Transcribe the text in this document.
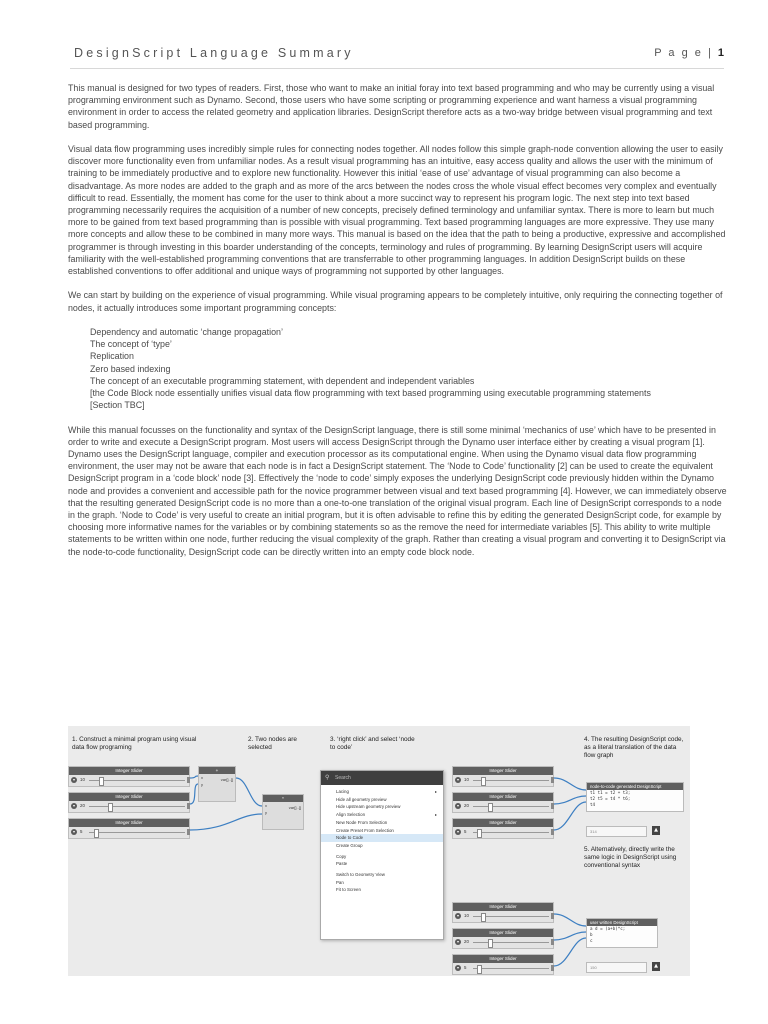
DesignScript Language Summary	P a g e | 1

This manual is designed for two types of readers. First, those who want to make an initial foray into text based programming and who may be currently using a visual programming environment such as Dynamo. Second, those users who have some scripting or programming experience and want harness a visual programming environment in order to access the related geometry and application libraries. DesignScript therefore acts as a two-way bridge between visual programming and text based programming.

Visual data flow programming uses incredibly simple rules for connecting nodes together. All nodes follow this simple graph-node convention allowing the user to easily discover more functionality even from unfamiliar nodes. As a result visual programming has an intuitive, easy access quality and allows the user with the minimum of training to be immediately productive and to explore new functionality. However this initial ‘ease of use’ advantage of visual programming can also become a disadvantage. As more nodes are added to the graph and as more of the arcs between the nodes cross the whole visual effect becomes very complex and eventually difficult to read. Essentially, the moment has come for the user to think about a more succinct way to represent his program logic. The next step into text based programming necessarily requires the acquisition of a number of new concepts, precisely defined terminology and unfamiliar syntax. There is more to learn but much more to be gained from text based programming than is possible with visual programming. Text based programming languages are more expressive. They use many more concepts and allow these to be combined in many more ways. This manual is based on the idea that the path to being a productive, expressive and accomplished programmer is through investing in this boarder understanding of the concepts, terminology and rules of programming. By learning DesignScript users will acquire familiarity with the well-established programming conventions that are transferrable to other programming languages. In addition DesignScript builds on these established conventions to offer additional and unique ways of programming not supported by other languages.

We can start by building on the experience of visual programming. While visual programing appears to be completely intuitive, only requiring the connecting together of nodes, it actually introduces some important programming concepts:

Dependency and automatic ‘change propagation’
The concept of ‘type’
Replication
Zero based indexing
The concept of an executable programming statement, with dependent and independent variables
[the Code Block node essentially unifies visual data flow programming with text based programming using executable programming statements
[Section TBC]

While this manual focusses on the functionality and syntax of the DesignScript language, there is still some minimal ‘mechanics of use’ which have to be presented in order to write and execute a DesignScript program. Most users will access DesignScript through the Dynamo user interface either by creating a visual program [1]. Dynamo uses the DesignScript language, compiler and execution processor as its computational engine. When using the Dynamo visual data flow programming environment, the user may not be aware that each node is in fact a DesignScript statement. The ‘Node to Code’ functionality [2] can be used to create the equivalent DesignScript program in a ‘code block’ node [3]. Effectively the ‘node to code’ simply exposes the underlying DesignScript code previously hidden within the Dynamo node and provides a convenient and accessible path for the novice programmer between visual and text based programming [4]. However, we can immediately observe that the resulting generated DesignScript code is no more than a one-to-one translation of the original visual program. Each line of DesignScript corresponds to a node in the graph. ‘Node to Code’ is very useful to create an initial program, but it is often advisable to refine this by editing the generated DesignScript code, for example by choosing more informative names for the variables or by combining statements so as the remove the need for intermediate variables [5]. This ability to write multiple statements to be written within one node, further reducing the visual complexity of the graph. Rather than creating a visual program and converting it to DesignScript via the node-to-code functionality, DesignScript code can be directly written into an empty code block node.

1. Construct a minimal program using visual data flow programing
2. Two nodes are selected
3. ‘right click’ and select ‘node to code’
4. The resulting DesignScript code, as a literal translation of the data flow graph
5. Alternatively, directly write the same logic in DesignScript using conventional syntax
Integer Slider
▾	10
Integer Slider
▾	20
Integer Slider
▾	5
+
x
y
var[]..[]
*
x
y
var[]..[]
⚲ Search
Lacing	▸
Hide all geometry preview
Hide upstream geometry preview
Align Selection	▸
New Node From Selection
Create Preset From Selection
Node to Code
Create Group
Copy
Paste
Switch to Geometry View
Pan
Fit to Screen
Integer Slider
▾	10
Integer Slider
▾	20
Integer Slider
▾	5
node-to-code generated DesignScript
t1 t1 = t2 + t3;
t2 t5 = t4 * t6;
t4
314	▲
Integer Slider
▾	10
Integer Slider
▾	20
Integer Slider
▾	5
user written DesignScript
a d = (a+b)*c;
b
c
150	▲
